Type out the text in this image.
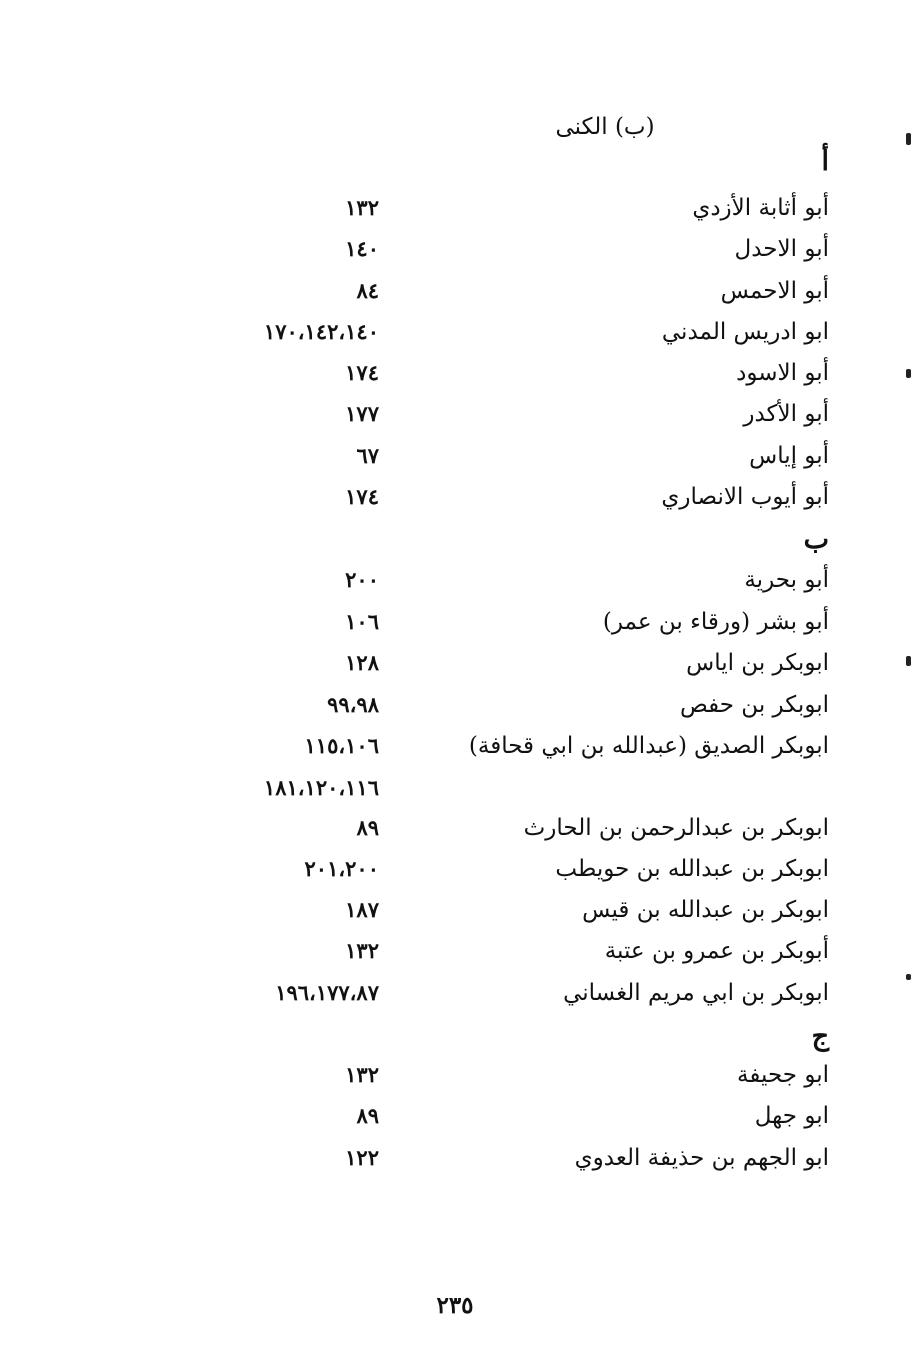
(ب) الكنى
أ
أبو أثابة الأزدي
١٣٢
أبو الاحدل
١٤٠
أبو الاحمس
٨٤
ابو ادريس المدني
١٧٠،١٤٢،١٤٠
أبو الاسود
١٧٤
أبو الأكدر
١٧٧
أبو إياس
٦٧
أبو أيوب الانصاري
١٧٤
ب
أبو بحرية
٢٠٠
أبو بشر (ورقاء بن عمر)
١٠٦
ابوبكر بن اياس
١٢٨
ابوبكر بن حفص
٩٩،٩٨
ابوبكر الصديق (عبدالله بن ابي قحافة)
١١٥،١٠٦
١٨١،١٢٠،١١٦
ابوبكر بن عبدالرحمن بن الحارث
٨٩
ابوبكر بن عبدالله بن حويطب
٢٠١،٢٠٠
ابوبكر بن عبدالله بن قيس
١٨٧
أبوبكر بن عمرو بن عتبة
١٣٢
ابوبكر بن ابي مريم الغساني
١٩٦،١٧٧،٨٧
ج
ابو جحيفة
١٣٢
ابو جهل
٨٩
ابو الجهم بن حذيفة العدوي
١٢٢
٢٣٥
